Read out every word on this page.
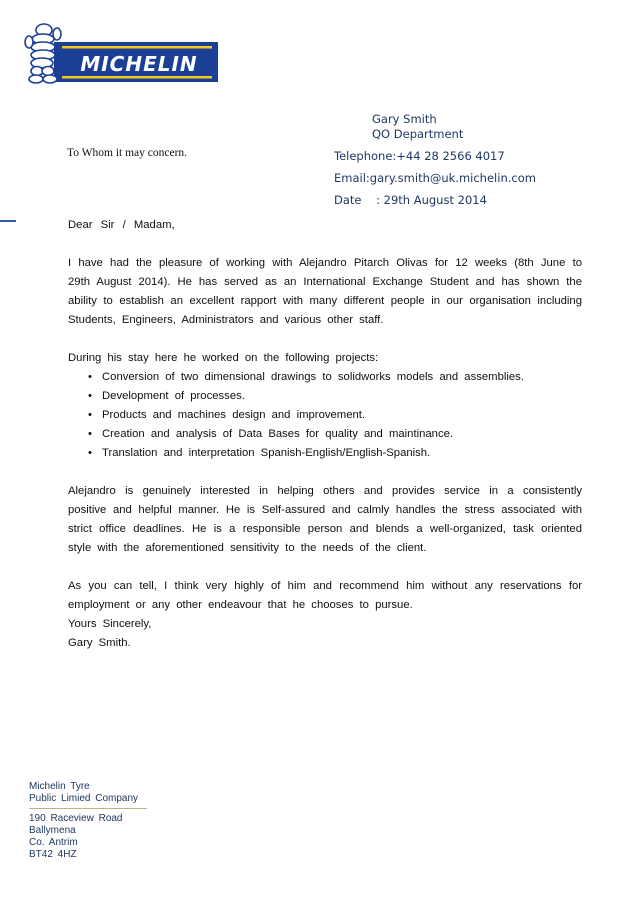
MICHELIN
Gary Smith
QO Department
Telephone:+44 28 2566 4017
Email:gary.smith@uk.michelin.com
Date    : 29th August 2014
To Whom it may concern.

Dear Sir / Madam,

I have had the pleasure of working with Alejandro Pitarch Olivas for 12 weeks (8th June to 29th August 2014). He has served as an International Exchange Student and has shown the ability to establish an excellent rapport with many different people in our organisation including Students, Engineers, Administrators and various other staff.

During his stay here he worked on the following projects:

• Conversion of two dimensional drawings to solidworks models and assemblies.
• Development of processes.
• Products and machines design and improvement.
• Creation and analysis of Data Bases for quality and maintinance.
• Translation and interpretation Spanish-English/English-Spanish.

Alejandro is genuinely interested in helping others and provides service in a consistently positive and helpful manner. He is Self-assured and calmly handles the stress associated with strict office deadlines. He is a responsible person and blends a well-organized, task oriented style with the aforementioned sensitivity to the needs of the client.

As you can tell, I think very highly of him and recommend him without any reservations for employment or any other endeavour that he chooses to pursue.

Yours Sincerely,

Gary Smith.

Michelin Tyre
Public Limied Company
190 Raceview Road
Ballymena
Co. Antrim
BT42 4HZ
